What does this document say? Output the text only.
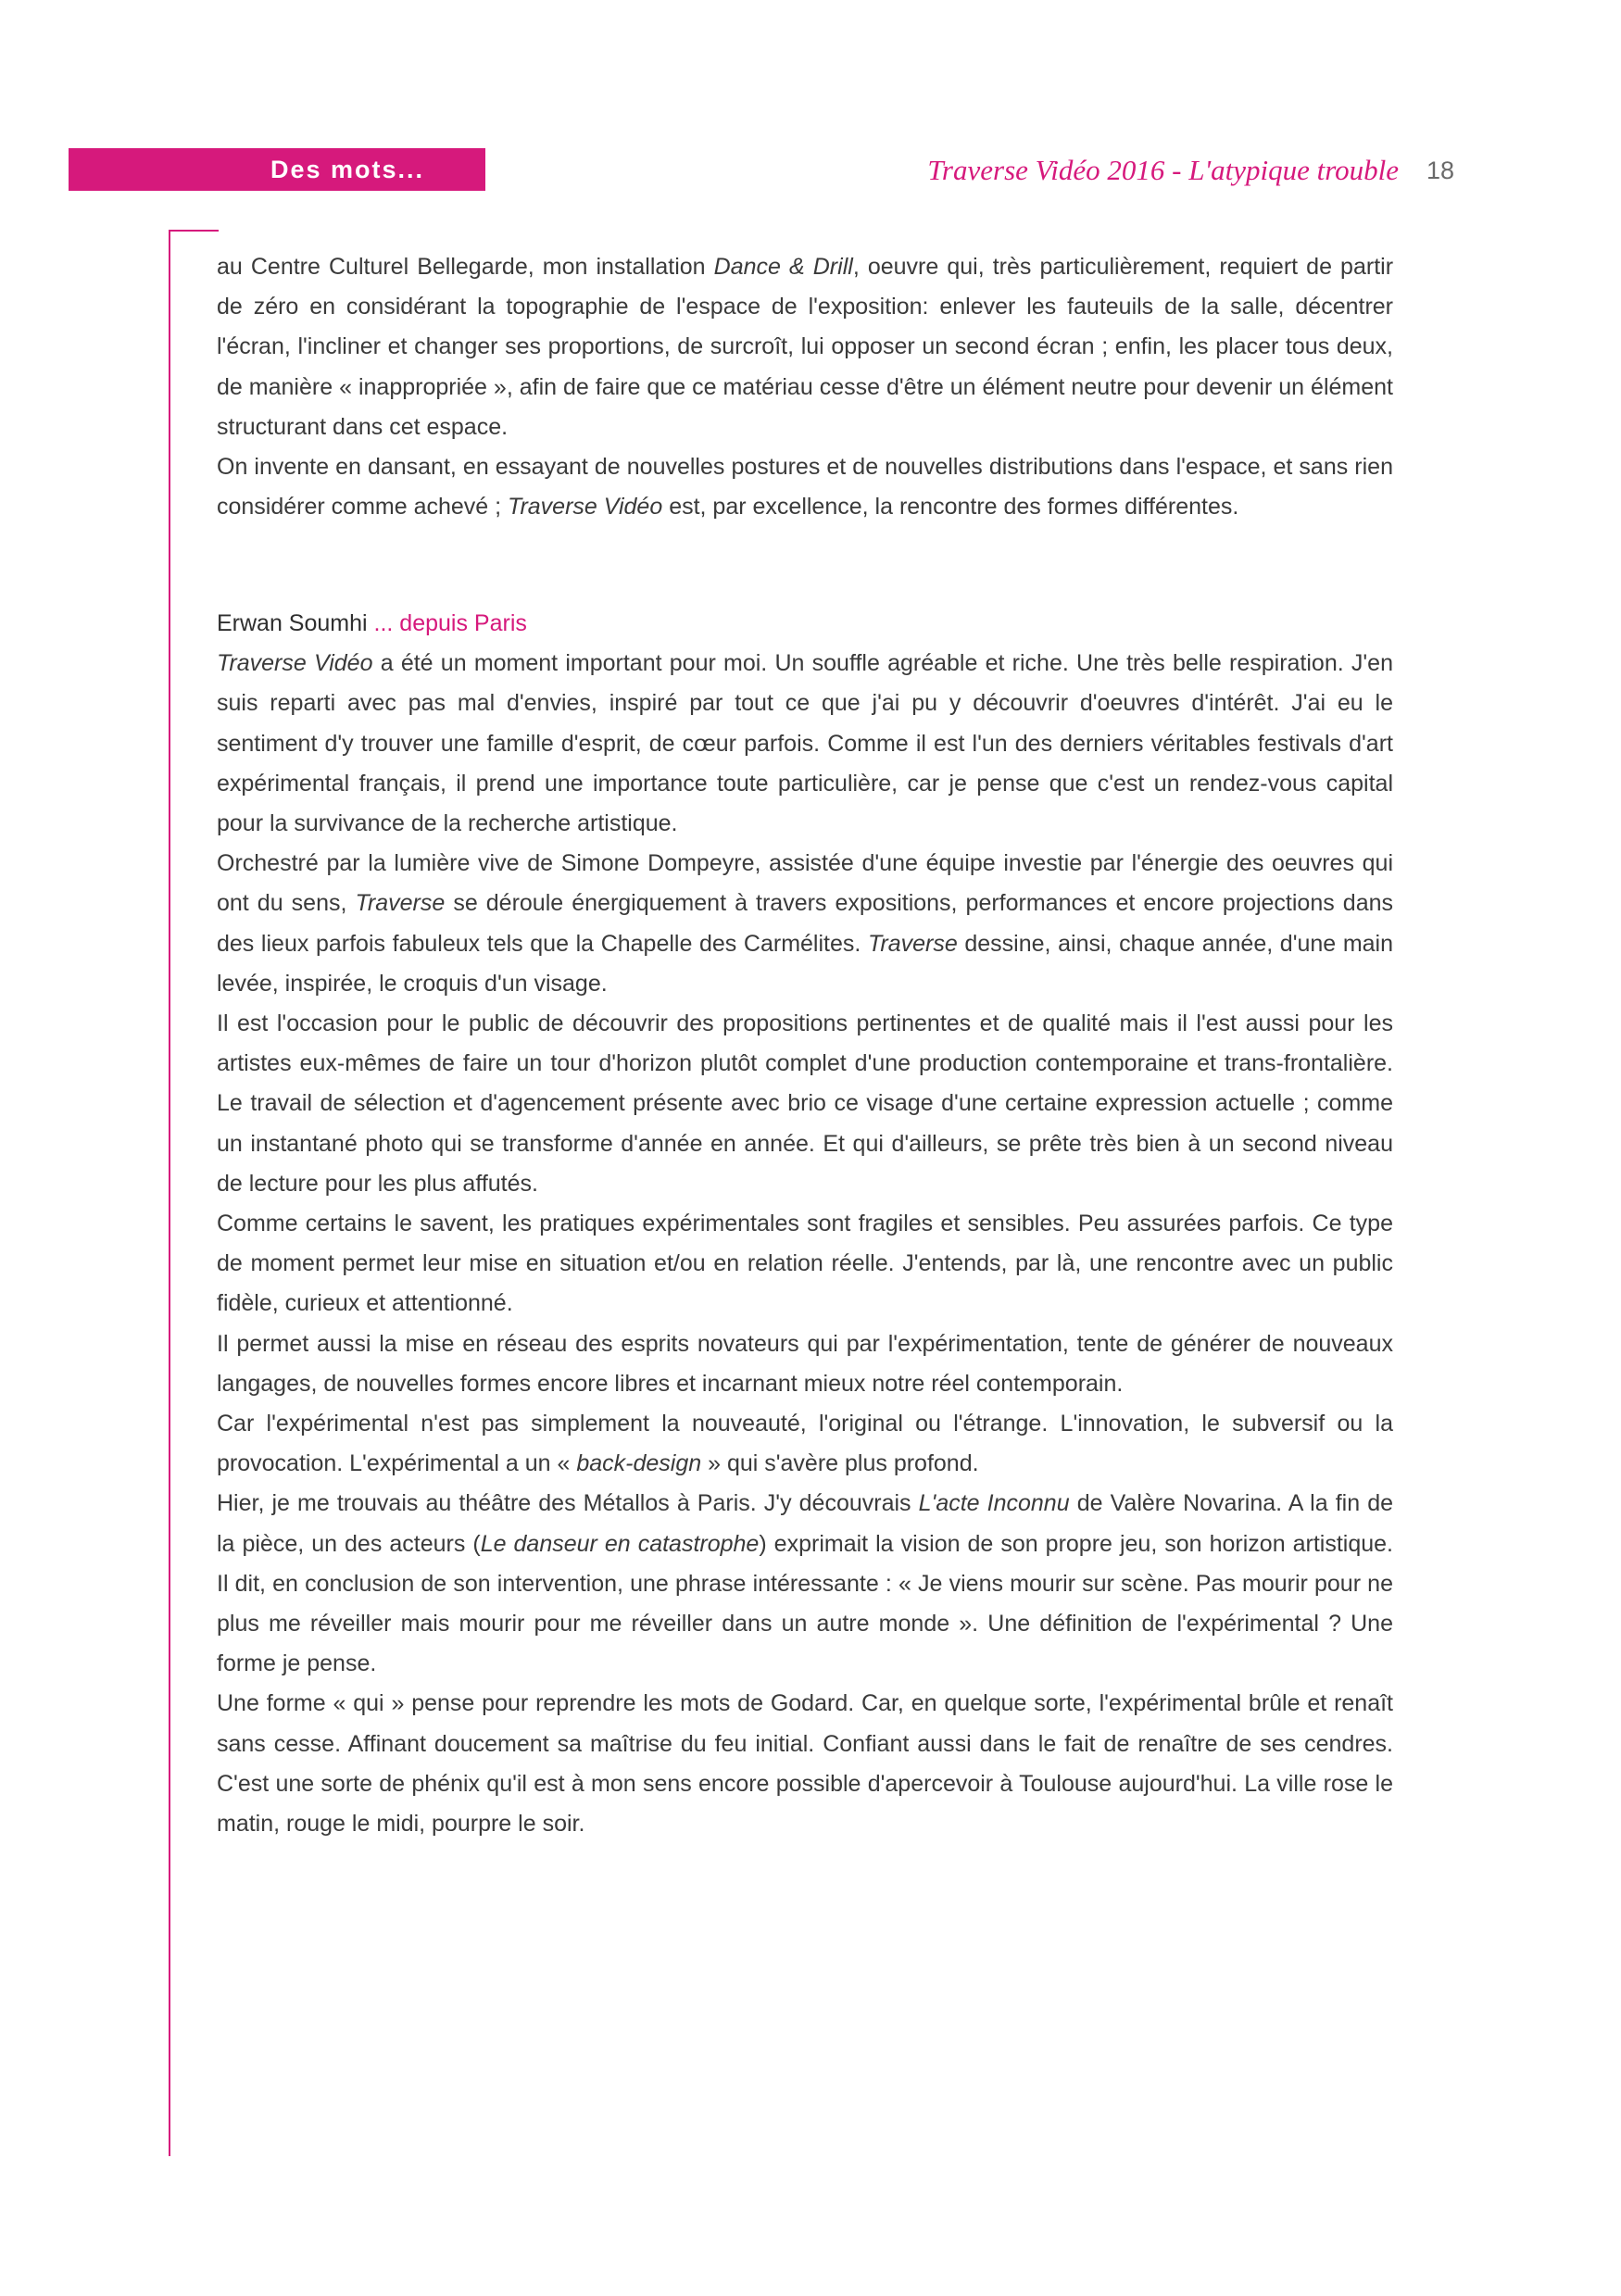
Des mots...	Traverse Vidéo 2016 - L'atypique trouble 18

au Centre Culturel Bellegarde, mon installation Dance & Drill, oeuvre qui, très particulièrement, requiert de partir de zéro en considérant la topographie de l'espace de l'exposition: enlever les fauteuils de la salle, décentrer l'écran, l'incliner et changer ses proportions, de surcroît, lui opposer un second écran ; enfin, les placer tous deux, de manière « inappropriée », afin de faire que ce matériau cesse d'être un élément neutre pour devenir un élément structurant dans cet espace.

On invente en dansant, en essayant de nouvelles postures et de nouvelles distributions dans l'espace, et sans rien considérer comme achevé ; Traverse Vidéo est, par excellence, la rencontre des formes différentes.

Erwan Soumhi ... depuis Paris

Traverse Vidéo a été un moment important pour moi. Un souffle agréable et riche. Une très belle respiration. J'en suis reparti avec pas mal d'envies, inspiré par tout ce que j'ai pu y découvrir d'oeuvres d'intérêt. J'ai eu le sentiment d'y trouver une famille d'esprit, de cœur parfois. Comme il est l'un des derniers véritables festivals d'art expérimental français, il prend une importance toute particulière, car je pense que c'est un rendez-vous capital pour la survivance de la recherche artistique.

Orchestré par la lumière vive de Simone Dompeyre, assistée d'une équipe investie par l'énergie des oeuvres qui ont du sens, Traverse se déroule énergiquement à travers expositions, performances et encore projections dans des lieux parfois fabuleux tels que la Chapelle des Carmélites. Traverse dessine, ainsi, chaque année, d'une main levée, inspirée, le croquis d'un visage.

Il est l'occasion pour le public de découvrir des propositions pertinentes et de qualité mais il l'est aussi pour les artistes eux-mêmes de faire un tour d'horizon plutôt complet d'une production contemporaine et trans-frontalière. Le travail de sélection et d'agencement présente avec brio ce visage d'une certaine expression actuelle ; comme un instantané photo qui se transforme d'année en année. Et qui d'ailleurs, se prête très bien à un second niveau de lecture pour les plus affutés.

Comme certains le savent, les pratiques expérimentales sont fragiles et sensibles. Peu assurées parfois. Ce type de moment permet leur mise en situation et/ou en relation réelle. J'entends, par là, une rencontre avec un public fidèle, curieux et attentionné.

Il permet aussi la mise en réseau des esprits novateurs qui par l'expérimentation, tente de générer de nouveaux langages, de nouvelles formes encore libres et incarnant mieux notre réel contemporain.

Car l'expérimental n'est pas simplement la nouveauté, l'original ou l'étrange. L'innovation, le subversif ou la provocation. L'expérimental a un « back-design » qui s'avère plus profond.

Hier, je me trouvais au théâtre des Métallos à Paris. J'y découvrais L'acte Inconnu de Valère Novarina. A la fin de la pièce, un des acteurs (Le danseur en catastrophe) exprimait la vision de son propre jeu, son horizon artistique. Il dit, en conclusion de son intervention, une phrase intéressante : « Je viens mourir sur scène. Pas mourir pour ne plus me réveiller mais mourir pour me réveiller dans un autre monde ». Une définition de l'expérimental ? Une forme je pense.

Une forme « qui » pense pour reprendre les mots de Godard. Car, en quelque sorte, l'expérimental brûle et renaît sans cesse. Affinant doucement sa maîtrise du feu initial. Confiant aussi dans le fait de renaître de ses cendres. C'est une sorte de phénix qu'il est à mon sens encore possible d'apercevoir à Toulouse aujourd'hui. La ville rose le matin, rouge le midi, pourpre le soir.
